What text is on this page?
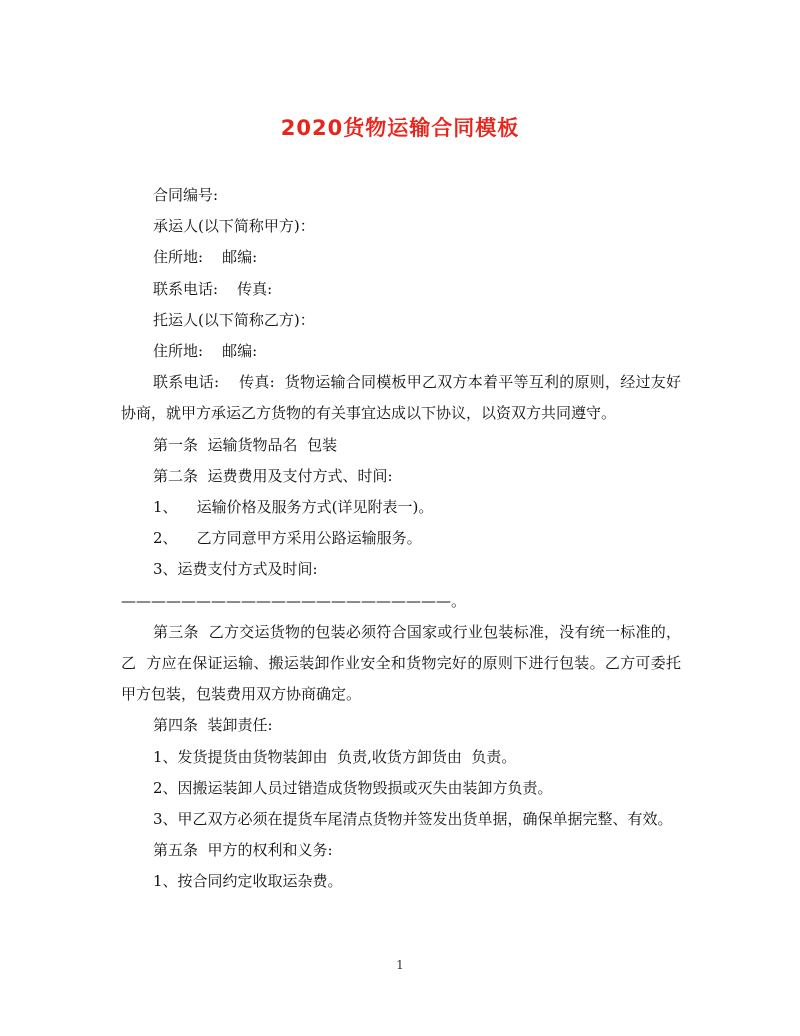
2020货物运输合同模板

合同编号:

承运人(以下简称甲方)：

住所地:    邮编:

联系电话:    传真:

托运人(以下简称乙方)：

住所地:    邮编:

联系电话:    传真:  货物运输合同模板甲乙双方本着平等互利的原则，经过友好协商，就甲方承运乙方货物的有关事宜达成以下协议，以资双方共同遵守。

第一条  运输货物品名  包装

第二条  运费费用及支付方式、时间:

1、    运输价格及服务方式(详见附表一)。

2、    乙方同意甲方采用公路运输服务。

3、运费支付方式及时间:

——————————————————————。

第三条  乙方交运货物的包装必须符合国家或行业包装标准，没有统一标准的，乙  方应在保证运输、搬运装卸作业安全和货物完好的原则下进行包装。乙方可委托甲方包装，包装费用双方协商确定。

第四条  装卸责任:

1、发货提货由货物装卸由  负责,收货方卸货由  负责。

2、因搬运装卸人员过错造成货物毁损或灭失由装卸方负责。

3、甲乙双方必须在提货车尾清点货物并签发出货单据，确保单据完整、有效。

第五条  甲方的权利和义务:

1、按合同约定收取运杂费。

1
